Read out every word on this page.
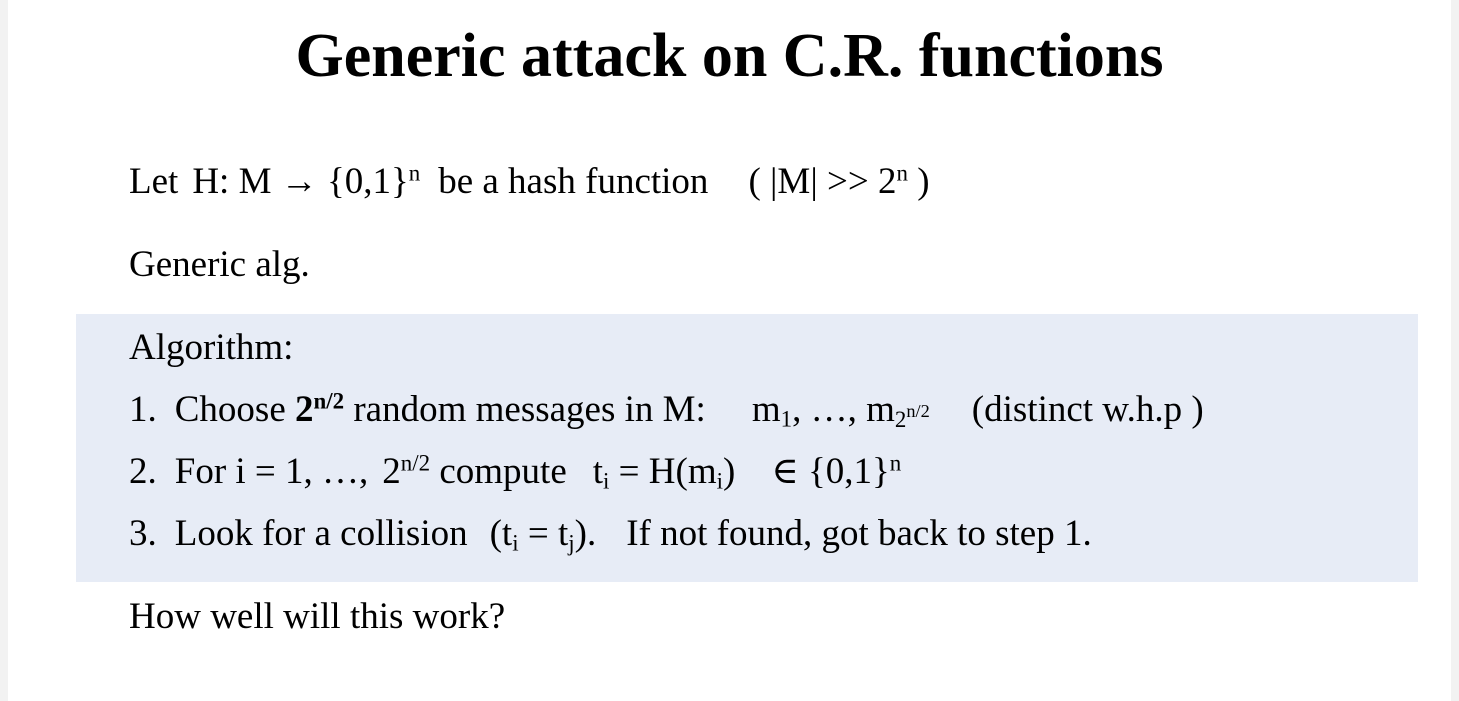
Generic attack on C.R. functions
Let H: $M \to \{0,1\}^n$ be a hash function ( $|M| >> 2^n$ )
Generic alg.
Algorithm:
1. Choose $2^{n/2}$ random messages in M: $m_1$, …, $m_{2^{n/2}}$ (distinct w.h.p )
2. For i = 1, …, $2^{n/2}$ compute $t_i = H(m_i)$ ∈ $\{0,1\}^n$
3. Look for a collision $(t_i = t_j)$. If not found, got back to step 1.
How well will this work?
